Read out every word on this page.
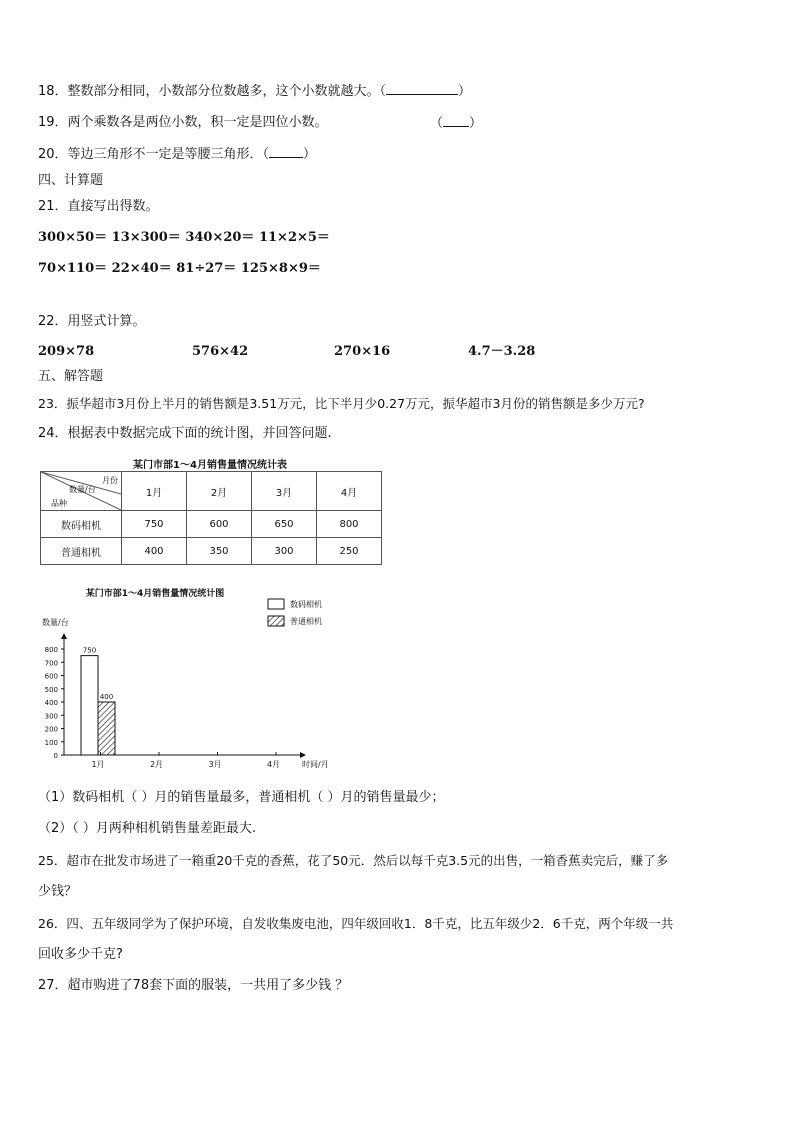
18．整数部分相同，小数部分位数越多，这个小数就越大。（	）
19．两个乘数各是两位小数，积一定是四位小数。	（ ）
20．等边三角形不一定是等腰三角形．（	）
四、计算题
21．直接写出得数。
300×50＝ 13×300＝ 340×20＝ 11×2×5＝
70×110＝ 22×40＝ 81÷27＝ 125×8×9＝
22．用竖式计算。
209×78	576×42	270×16	4.7－3.28
五、解答题
23．振华超市3月份上半月的销售额是3.51万元，比下半月少0.27万元，振华超市3月份的销售额是多少万元?
24．根据表中数据完成下面的统计图，并回答问题.
某门市部1～4月销售量情况统计表
月份
数量/台
品种	1月	2月	3月	4月
数码相机	750	600	650	800
普通相机	400	350	300	250
某门市部1～4月销售量情况统计图
0
100
200
300
400
500
600
700
800
数量/台
时间/月
1月	2月	3月	4月
750
400
数码相机
普通相机
（1）数码相机（ ）月的销售量最多，普通相机（ ）月的销售量最少；
（2）（ ）月两种相机销售量差距最大.
25．超市在批发市场进了一箱重20千克的香蕉，花了50元．然后以每千克3.5元的出售，一箱香蕉卖完后，赚了多
少钱？
26．四、五年级同学为了保护环境，自发收集废电池，四年级回收1．8千克，比五年级少2．6千克，两个年级一共
回收多少千克?
27．超市购进了78套下面的服装，一共用了多少钱 ？
